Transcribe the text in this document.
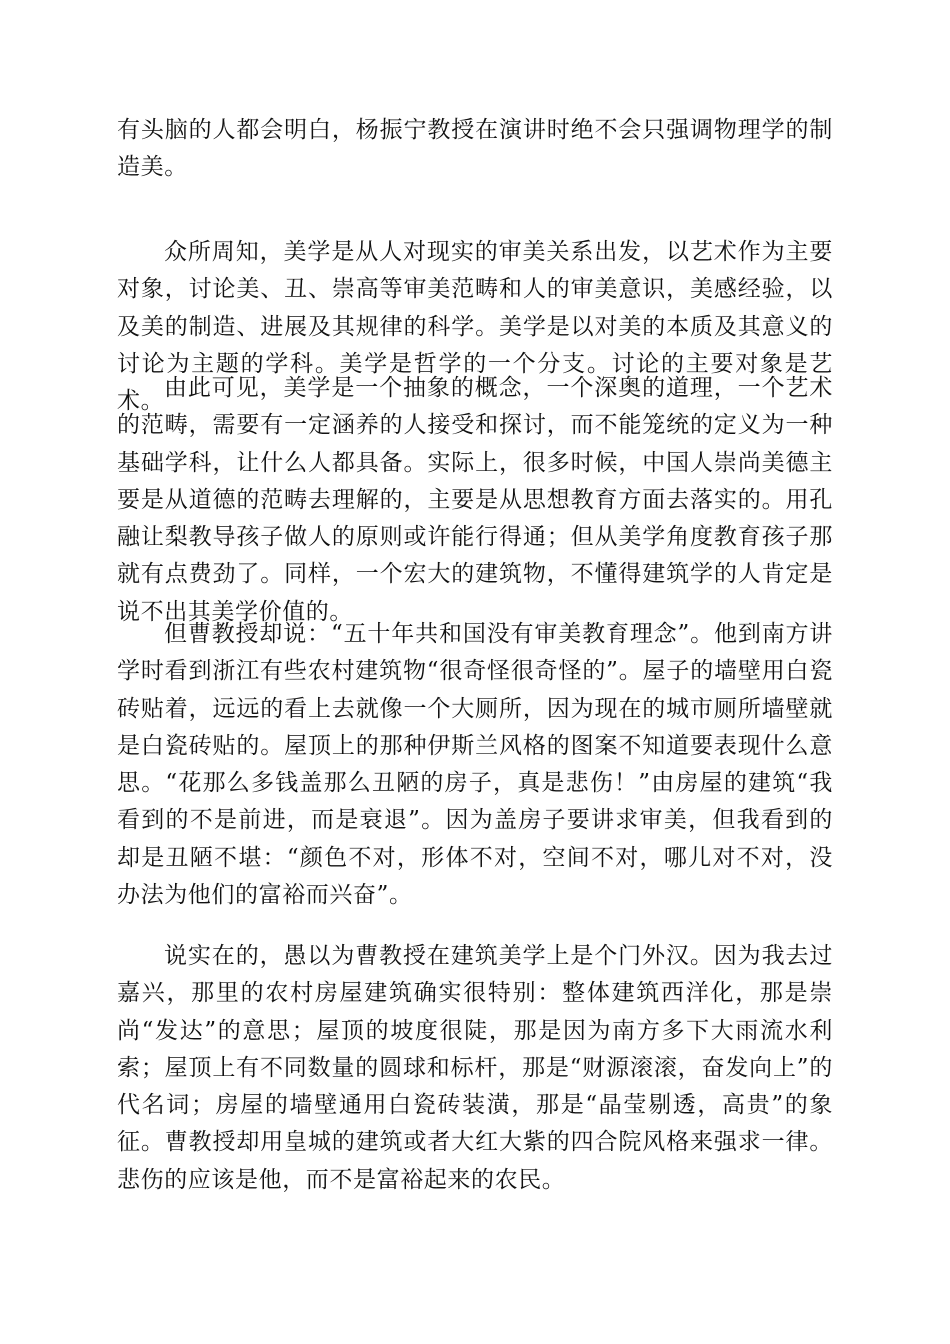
有头脑的人都会明白，杨振宁教授在演讲时绝不会只强调物理学的制造美。

众所周知，美学是从人对现实的审美关系出发，以艺术作为主要对象，讨论美、丑、崇高等审美范畴和人的审美意识，美感经验，以及美的制造、进展及其规律的科学。美学是以对美的本质及其意义的讨论为主题的学科。美学是哲学的一个分支。讨论的主要对象是艺术。

由此可见，美学是一个抽象的概念，一个深奥的道理，一个艺术的范畴，需要有一定涵养的人接受和探讨，而不能笼统的定义为一种基础学科，让什么人都具备。实际上，很多时候，中国人崇尚美德主要是从道德的范畴去理解的，主要是从思想教育方面去落实的。用孔融让梨教导孩子做人的原则或许能行得通；但从美学角度教育孩子那就有点费劲了。同样，一个宏大的建筑物，不懂得建筑学的人肯定是说不出其美学价值的。

但曹教授却说：“五十年共和国没有审美教育理念”。他到南方讲学时看到浙江有些农村建筑物“很奇怪很奇怪的”。屋子的墙壁用白瓷砖贴着，远远的看上去就像一个大厕所，因为现在的城市厕所墙壁就是白瓷砖贴的。屋顶上的那种伊斯兰风格的图案不知道要表现什么意思。“花那么多钱盖那么丑陋的房子，真是悲伤！”由房屋的建筑“我看到的不是前进，而是衰退”。因为盖房子要讲求审美，但我看到的却是丑陋不堪：“颜色不对，形体不对，空间不对，哪儿对不对，没办法为他们的富裕而兴奋”。

说实在的，愚以为曹教授在建筑美学上是个门外汉。因为我去过嘉兴，那里的农村房屋建筑确实很特别：整体建筑西洋化，那是崇尚“发达”的意思；屋顶的坡度很陡，那是因为南方多下大雨流水利索；屋顶上有不同数量的圆球和标杆，那是“财源滚滚，奋发向上”的代名词；房屋的墙壁通用白瓷砖装潢，那是“晶莹剔透，高贵”的象征。曹教授却用皇城的建筑或者大红大紫的四合院风格来强求一律。悲伤的应该是他，而不是富裕起来的农民。
